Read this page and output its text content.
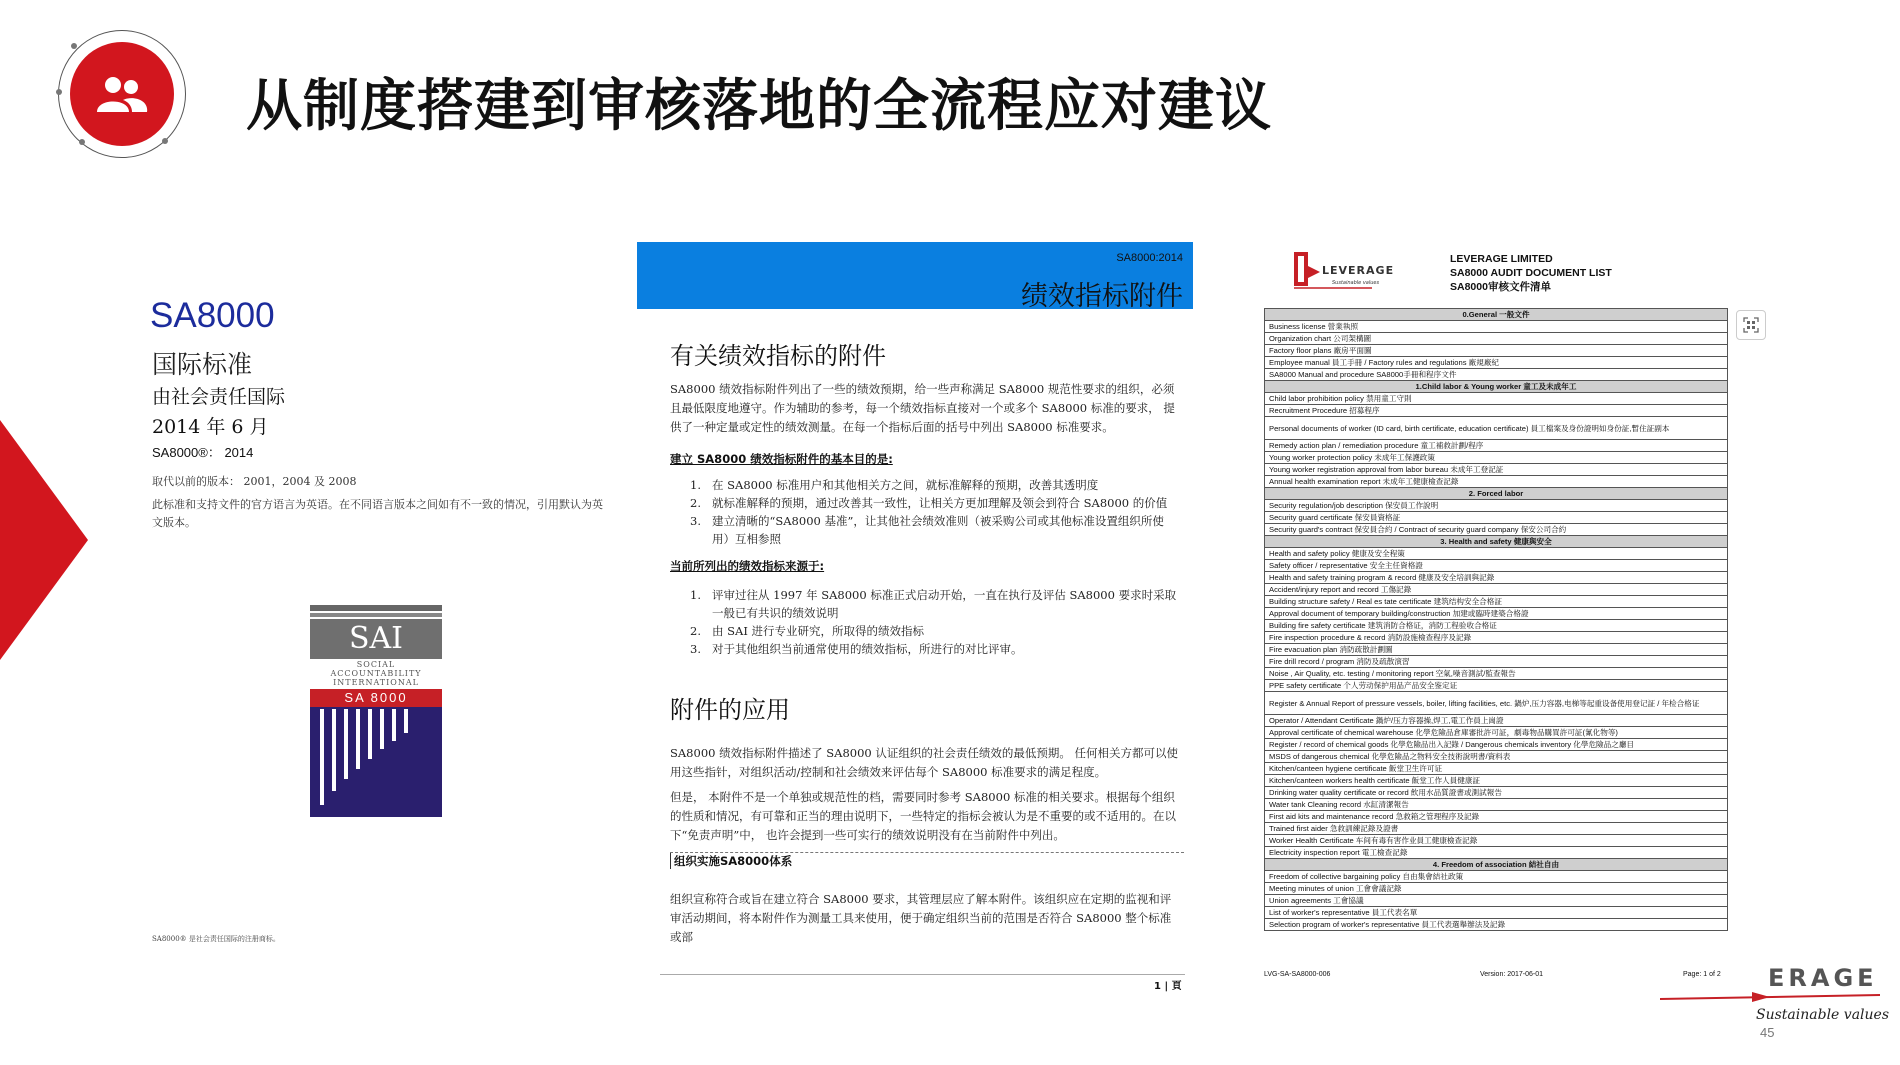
从制度搭建到审核落地的全流程应对建议
SA8000
国际标准
由社会责任国际
2014 年 6 月
SA8000®： 2014
取代以前的版本： 2001，2004 及 2008
此标准和支持文件的官方语言为英语。在不同语言版本之间如有不一致的情况，引用默认为英文版本。
SAI
SOCIAL
ACCOUNTABILITY
INTERNATIONAL
SA 8000
SA8000® 是社会责任国际的注册商标。
SA8000:2014
绩效指标附件
有关绩效指标的附件
SA8000 绩效指标附件列出了一些的绩效预期，给一些声称满足 SA8000 规范性要求的组织，必须且最低限度地遵守。作为辅助的参考，每一个绩效指标直接对一个或多个 SA8000 标准的要求， 提供了一种定量或定性的绩效测量。在每一个指标后面的括号中列出 SA8000 标准要求。
建立 SA8000 绩效指标附件的基本目的是:
1. 在 SA8000 标准用户和其他相关方之间，就标准解释的预期，改善其透明度
2. 就标准解释的预期，通过改善其一致性，让相关方更加理解及领会到符合 SA8000 的价值
3. 建立清晰的“SA8000 基准”，让其他社会绩效准则（被采购公司或其他标准设置组织所使用）互相参照
当前所列出的绩效指标来源于:
1. 评审过往从 1997 年 SA8000 标准正式启动开始，一直在执行及评估 SA8000 要求时采取一般已有共识的绩效说明
2. 由 SAI 进行专业研究，所取得的绩效指标
3. 对于其他组织当前通常使用的绩效指标，所进行的对比评审。
附件的应用
SA8000 绩效指标附件描述了 SA8000 认证组织的社会责任绩效的最低预期。 任何相关方都可以使用这些指针，对组织活动/控制和社会绩效来评估每个 SA8000 标准要求的满足程度。
但是， 本附件不是一个单独或规范性的档，需要同时参考 SA8000 标准的相关要求。根据每个组织的性质和情况，有可靠和正当的理由说明下，一些特定的指标会被认为是不重要的或不适用的。在以下“免责声明”中， 也许会提到一些可实行的绩效说明没有在当前附件中列出。
组织实施SA8000体系
组织宣称符合或旨在建立符合 SA8000 要求，其管理层应了解本附件。该组织应在定期的监视和评审活动期间，将本附件作为测量工具来使用，便于确定组织当前的范围是否符合 SA8000 整个标准或部
1 | 頁
LEVERAGE
Sustainable values
LEVERAGE LIMITED
SA8000 AUDIT DOCUMENT LIST
SA8000审核文件清单
0.General 一般文件
Business license 營業執照
Organization chart 公司架構圖
Factory floor plans 廠房平面圖
Employee manual 員工手冊 / Factory rules and regulations 廠規廠紀
SA8000 Manual and procedure SA8000手冊和程序文件
1.Child labor & Young worker 童工及未成年工
Child labor prohibition policy 禁用童工守則
Recruitment Procedure 招募程序
Personal documents of worker (ID card, birth certificate, education certificate) 員工檔案及身份證明如身份証,暫住証副本
Remedy action plan / remediation procedure 童工補救計劃/程序
Young worker protection policy 未成年工保護政策
Young worker registration approval from labor bureau 未成年工登記証
Annual health examination report 未成年工健康檢查記錄
2. Forced labor
Security regulation/job description 保安員工作說明
Security guard certificate 保安員資格証
Security guard's contract 保安員合約 / Contract of security guard company 保安公司合約
3. Health and safety 健康與安全
Health and safety policy 健康及安全程策
Safety officer / representative 安全主任資格證
Health and safety training program & record 健康及安全培訓與記錄
Accident/injury report and record 工傷記錄
Building structure safety / Real es tate certificate 建筑结构安全合格証
Approval document of temporary building/construction 加建或臨時建築合格證
Building fire safety certificate 建筑消防合格证，消防工程验收合格证
Fire inspection procedure & record 消防設施檢查程序及記錄
Fire evacuation plan 消防疏散計劃圖
Fire drill record / program 消防及疏散演習
Noise , Air Quality, etc. testing / monitoring report 空氣,噪音測試/監查報告
PPE safety certificate 个人劳动保护用品产品安全鉴定证
Register & Annual Report of pressure vessels, boiler, lifting facilities, etc. 鍋炉,压力容器,电梯等起重设备使用登记証 / 年检合格证
Operator / Attendant Certificate 鍋炉/压力容器操,焊工,電工作員上崗證
Approval certificate of chemical warehouse 化學危險品倉庫審批許可証，劇毒物品購買許可証(氰化物等)
Register / record of chemical goods 化學危險品出入記錄 / Dangerous chemicals inventory 化學危險品之廳目
MSDS of dangerous chemical 化學危險品之物料安全技術說明書/資料表
Kitchen/canteen hygiene certificate 飯堂卫生许可证
Kitchen/canteen workers health certificate 飯堂工作人員健康証
Drinking water quality certificate or record 飲用水品質證書或測試報告
Water tank Cleaning record 水缸清潔報告
First aid kits and maintenance record 急救箱之管理程序及記錄
Trained first aider 急救訓練記錄及證書
Worker Health Certificate 车间有毒有害作业員工健康檢查記錄
Electricity inspection report 電工檢查記錄
4. Freedom of association 結社自由
Freedom of collective bargaining policy 自由集會結社政策
Meeting minutes of union 工會會議記錄
Union agreements 工會協議
List of worker's representative 員工代表名單
Selection program of worker's representative 員工代表選舉辦法及記錄
LVG-SA-SA8000-006	Version: 2017-06-01	Page: 1 of 2 ERAGE
Sustainable values
45
